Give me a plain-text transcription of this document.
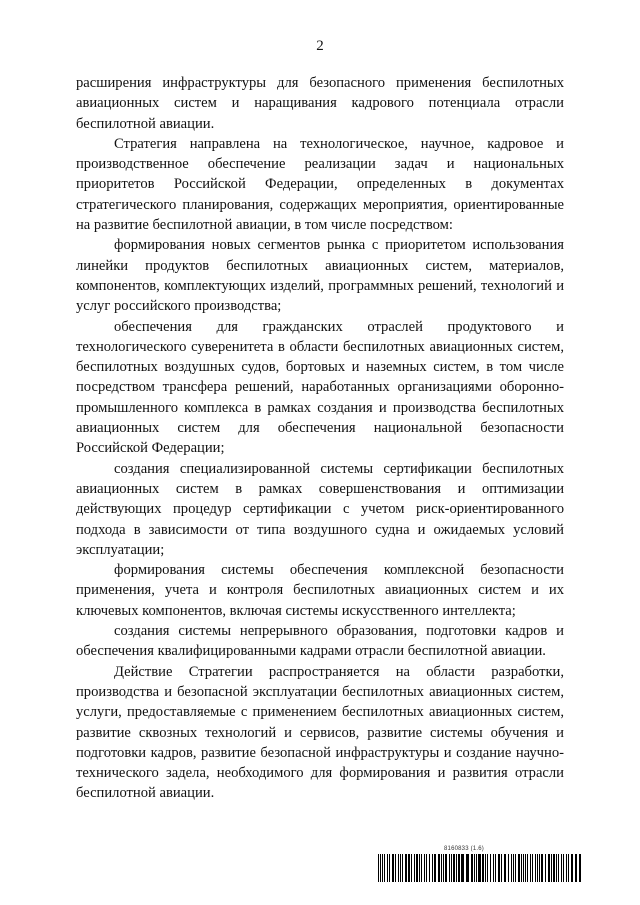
2

расширения инфраструктуры для безопасного применения беспилотных авиационных систем и наращивания кадрового потенциала отрасли беспилотной авиации.

Стратегия направлена на технологическое, научное, кадровое и производственное обеспечение реализации задач и национальных приоритетов Российской Федерации, определенных в документах стратегического планирования, содержащих мероприятия, ориентированные на развитие беспилотной авиации, в том числе посредством:

формирования новых сегментов рынка с приоритетом использования линейки продуктов беспилотных авиационных систем, материалов, компонентов, комплектующих изделий, программных решений, технологий и услуг российского производства;

обеспечения для гражданских отраслей продуктового и технологического суверенитета в области беспилотных авиационных систем, беспилотных воздушных судов, бортовых и наземных систем, в том числе посредством трансфера решений, наработанных организациями оборонно-промышленного комплекса в рамках создания и производства беспилотных авиационных систем для обеспечения национальной безопасности Российской Федерации;

создания специализированной системы сертификации беспилотных авиационных систем в рамках совершенствования и оптимизации действующих процедур сертификации с учетом риск-ориентированного подхода в зависимости от типа воздушного судна и ожидаемых условий эксплуатации;

формирования системы обеспечения комплексной безопасности применения, учета и контроля беспилотных авиационных систем и их ключевых компонентов, включая системы искусственного интеллекта;

создания системы непрерывного образования, подготовки кадров и обеспечения квалифицированными кадрами отрасли беспилотной авиации.

Действие Стратегии распространяется на области разработки, производства и безопасной эксплуатации беспилотных авиационных систем, услуги, предоставляемые с применением беспилотных авиационных систем, развитие сквозных технологий и сервисов, развитие системы обучения и подготовки кадров, развитие безопасной инфраструктуры и создание научно-технического задела, необходимого для формирования и развития отрасли беспилотной авиации.

8160833 (1.6)
